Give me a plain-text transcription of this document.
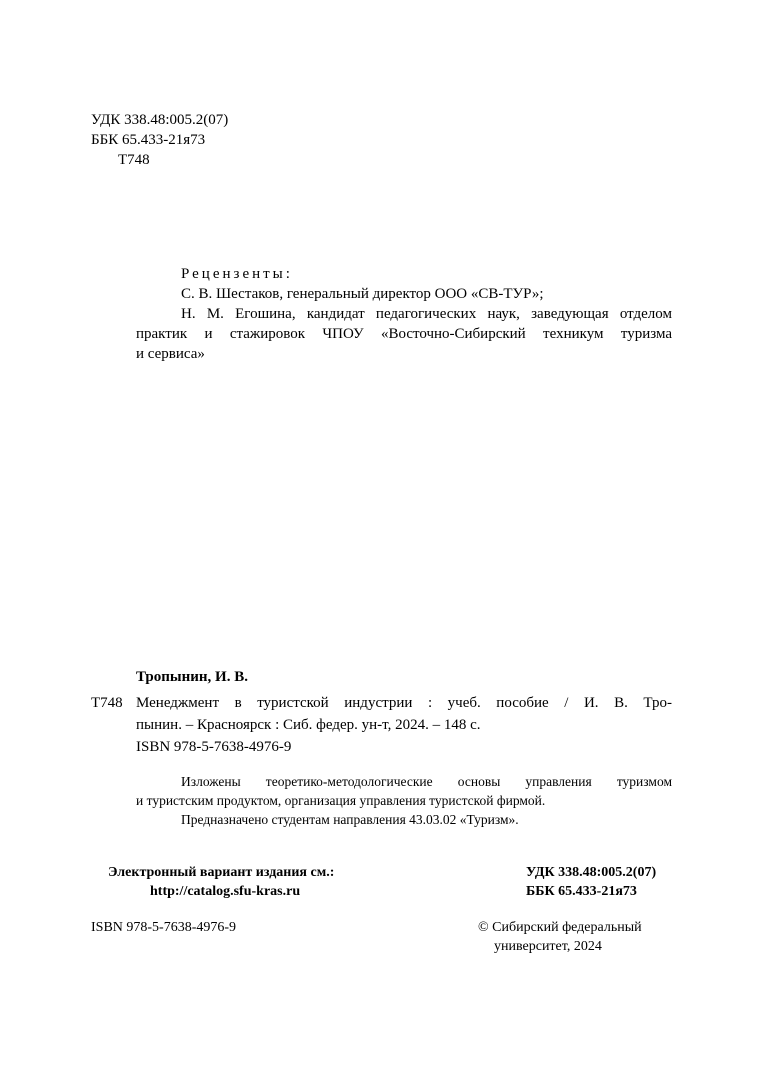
УДК 338.48:005.2(07)
ББК 65.433-21я73
Т748
Рецензенты:
С. В. Шестаков, генеральный директор ООО «СВ-ТУР»;
Н. М. Егошина, кандидат педагогических наук, заведующая отделом
практик и стажировок ЧПОУ «Восточно-Сибирский техникум туризма
и сервиса»
Тропынин, И. В.
Т748 Менеджмент в туристской индустрии : учеб. пособие / И. В. Тро-
пынин. – Красноярск : Сиб. федер. ун-т, 2024. – 148 с.
ISBN 978-5-7638-4976-9
Изложены теоретико-методологические основы управления туризмом
и туристским продуктом, организация управления туристской фирмой.
Предназначено студентам направления 43.03.02 «Туризм».
Электронный вариант издания см.:
http://catalog.sfu-kras.ru
УДК 338.48:005.2(07)
ББК 65.433-21я73
ISBN 978-5-7638-4976-9	© Сибирский федеральный
университет, 2024
